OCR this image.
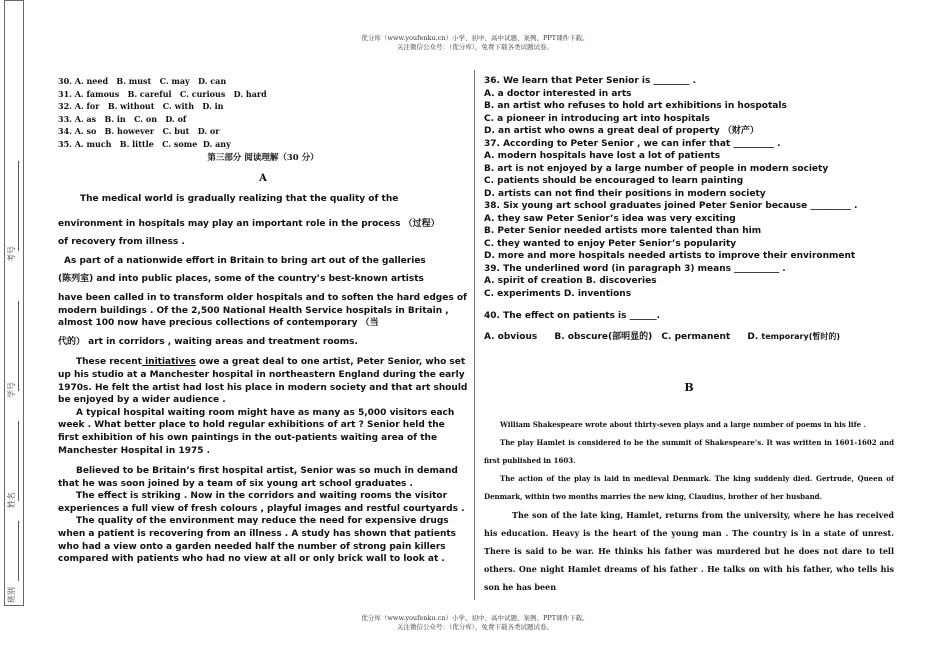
优分库（www.youfenku.cn）小学、初中、高中试题、案例、PPT课件下载。
关注微信公众号：（优分库），免费下载各类试题试卷。
考号
学号
姓名
班别
30. A. need   B. must   C. may   D. can
31. A. famous   B. careful   C. curious   D. hard
32. A. for   B. without   C. with   D. in
33. A. as   B. in   C. on   D. of
34. A. so   B. however   C. but   D. or
35. A. much   B. little   C. some  D. any
第三部分 阅读理解（30 分）
A
The medical world is gradually realizing that the quality of the
environment in hospitals may play an important role in the process （过程）
of recovery from illness .
As part of a nationwide effort in Britain to bring art out of the galleries
(陈列室) and into public places, some of the country’s best-known artists
have been called in to transform older hospitals and to soften the hard edges of modern buildings . Of the 2,500 National Health Service hospitals in Britain , almost 100 now have precious collections of contemporary （当
代的） art in corridors , waiting areas and treatment rooms.
These recent initiatives owe a great deal to one artist, Peter Senior, who set up his studio at a Manchester hospital in northeastern England during the early 1970s. He felt the artist had lost his place in modern society and that art should be enjoyed by a wider audience .
A typical hospital waiting room might have as many as 5,000 visitors each week . What better place to hold regular exhibitions of art ? Senior held the first exhibition of his own paintings in the out-patients waiting area of the Manchester Hospital in 1975 .
Believed to be Britain’s first hospital artist, Senior was so much in demand that he was soon joined by a team of six young art school graduates .
The effect is striking . Now in the corridors and waiting rooms the visitor experiences a full view of fresh colours , playful images and restful courtyards .
The quality of the environment may reduce the need for expensive drugs when a patient is recovering from an illness . A study has shown that patients who had a view onto a garden needed half the number of strong pain killers compared with patients who had no view at all or only brick wall to look at .
36. We learn that Peter Senior is ________ .
A. a doctor interested in arts
B. an artist who refuses to hold art exhibitions in hospotals
C. a pioneer in introducing art into hospitals
D. an artist who owns a great deal of property （财产）
37. According to Peter Senior , we can infer that _________ .
A. modern hospitals have lost a lot of patients
B. art is not enjoyed by a large number of people in modern society
C. patients should be encouraged to learn painting
D. artists can not find their positions in modern society
38. Six young art school graduates joined Peter Senior because _________ .
A. they saw Peter Senior’s idea was very exciting
B. Peter Senior needed artists more talented than him
C. they wanted to enjoy Peter Senior’s popularity
D. more and more hospitals needed artists to improve their environment
39. The underlined word (in paragraph 3) means __________ .
A. spirit of creation B. discoveries
C. experiments D. inventions
40. The effect on patients is ______.
A. obvious B. obscure(部明显的) C. permanent D. temporary(暂时的)
B
William Shakespeare wrote about thirty-seven plays and a large number of poems in his life .
The play Hamlet is considered to be the summit of Shakespeare’s. It was written in 1601-1602 and first published in 1603.
The action of the play is laid in medieval Denmark. The king suddenly died. Gertrude, Queen of Denmark, within two months marries the new king, Claudius, brother of her husband.
The son of the late king, Hamlet, returns from the university, where he has received his education. Heavy is the heart of the young man . The country is in a state of unrest. There is said to be war. He thinks his father was murdered but he does not dare to tell others. One night Hamlet dreams of his father . He talks on with his father, who tells his son he has been
优分库（www.youfenku.cn）小学、初中、高中试题、案例、PPT课件下载。
关注微信公众号：（优分库），免费下载各类试题试卷。
